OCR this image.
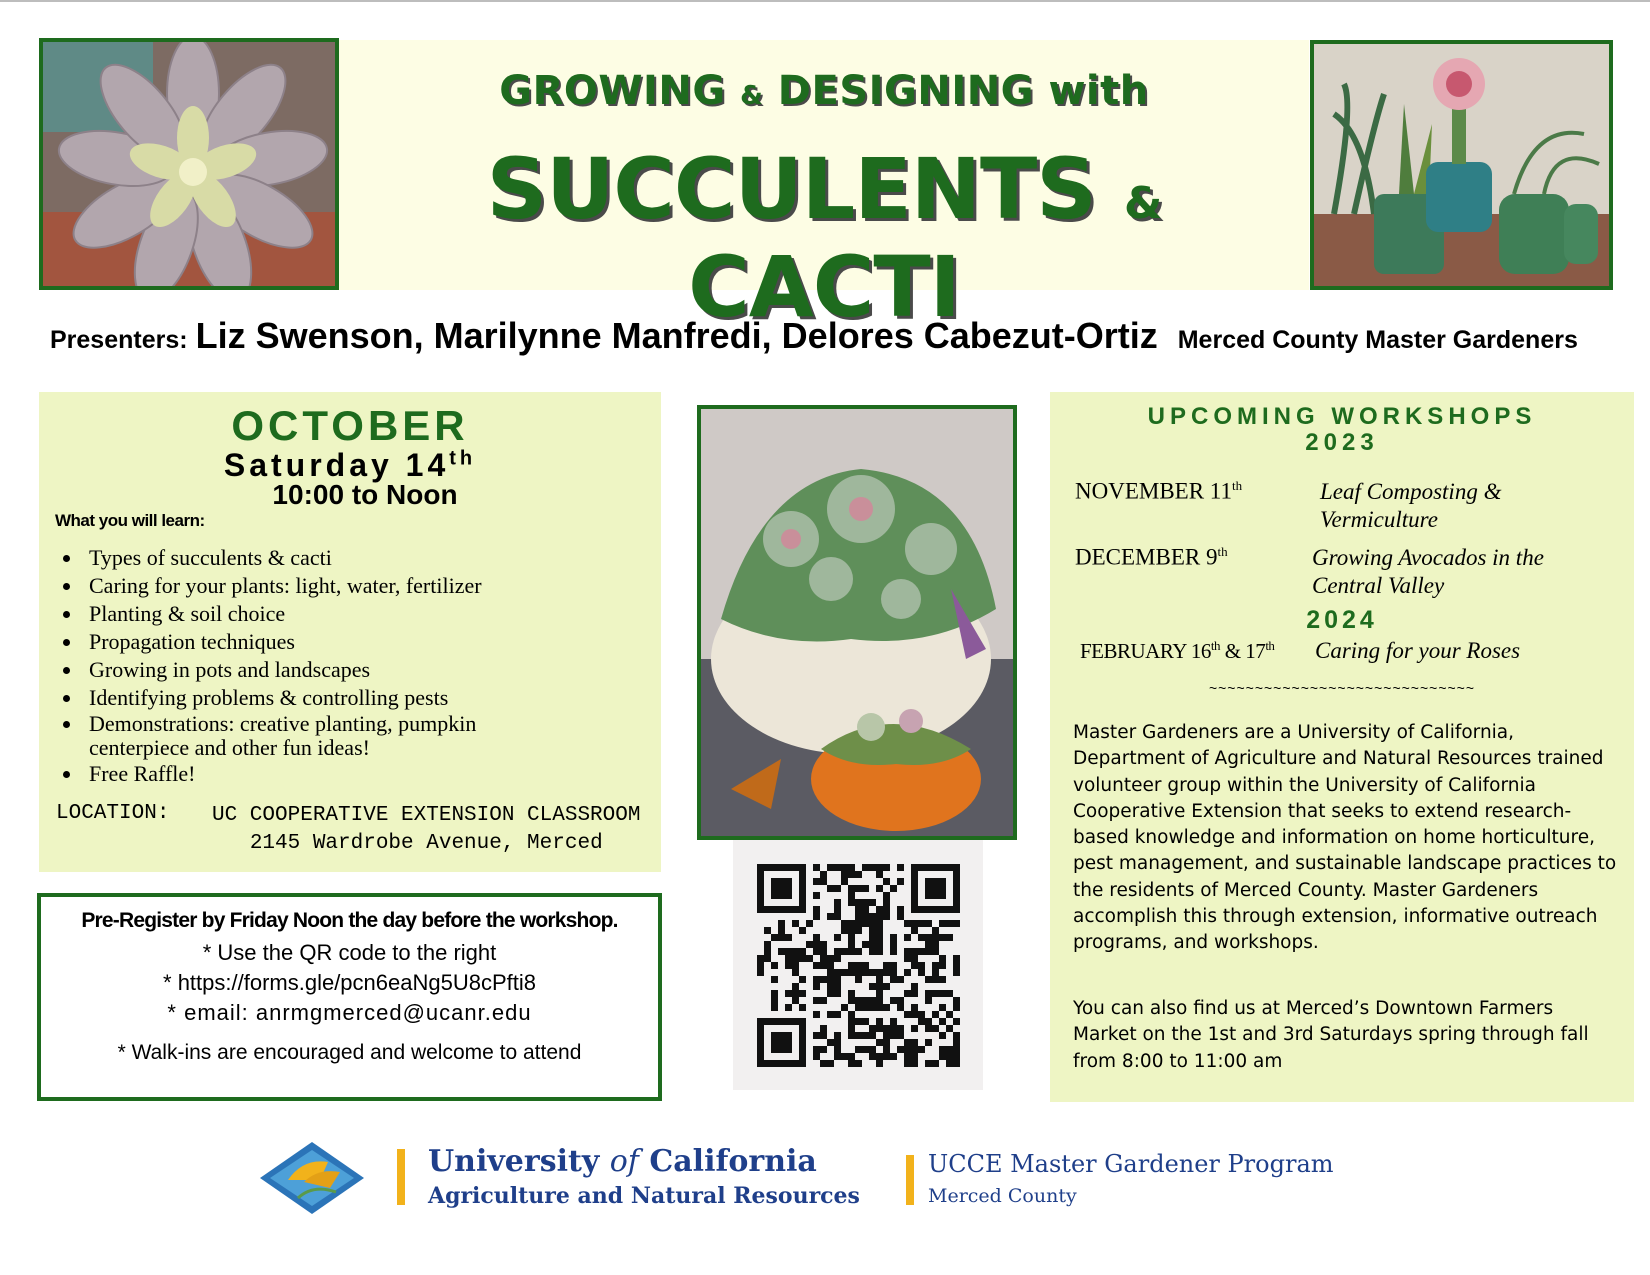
GROWING & DESIGNING with
SUCCULENTS & CACTI
Presenters: Liz Swenson, Marilynne Manfredi, Delores Cabezut-Ortiz Merced County Master Gardeners
OCTOBER
Saturday 14th
10:00 to Noon
What you will learn:
• Types of succulents & cacti
• Caring for your plants: light, water, fertilizer
• Planting & soil choice
• Propagation techniques
• Growing in pots and landscapes
• Identifying problems & controlling pests
• Demonstrations: creative planting, pumpkin centerpiece and other fun ideas!
• Free Raffle!
LOCATION: UC COOPERATIVE EXTENSION CLASSROOM
2145 Wardrobe Avenue, Merced
Pre-Register by Friday Noon the day before the workshop.
* Use the QR code to the right
* https://forms.gle/pcn6eaNg5U8cPfti8
* email: anrmgmerced@ucanr.edu
* Walk-ins are encouraged and welcome to attend
UPCOMING WORKSHOPS
2023
NOVEMBER 11th	Leaf Composting & Vermiculture
DECEMBER 9th	Growing Avocados in the Central Valley
2024
FEBRUARY 16th & 17th Caring for your Roses
~~~~~~~~~~~~~~~~~~~~~~~~~~~~~
Master Gardeners are a University of California, Department of Agriculture and Natural Resources trained volunteer group within the University of California Cooperative Extension that seeks to extend research-based knowledge and information on home horticulture, pest management, and sustainable landscape practices to the residents of Merced County. Master Gardeners accomplish this through extension, informative outreach programs, and workshops.
You can also find us at Merced’s Downtown Farmers Market on the 1st and 3rd Saturdays spring through fall from 8:00 to 11:00 am
University of California
Agriculture and Natural Resources
UCCE Master Gardener Program
Merced County
